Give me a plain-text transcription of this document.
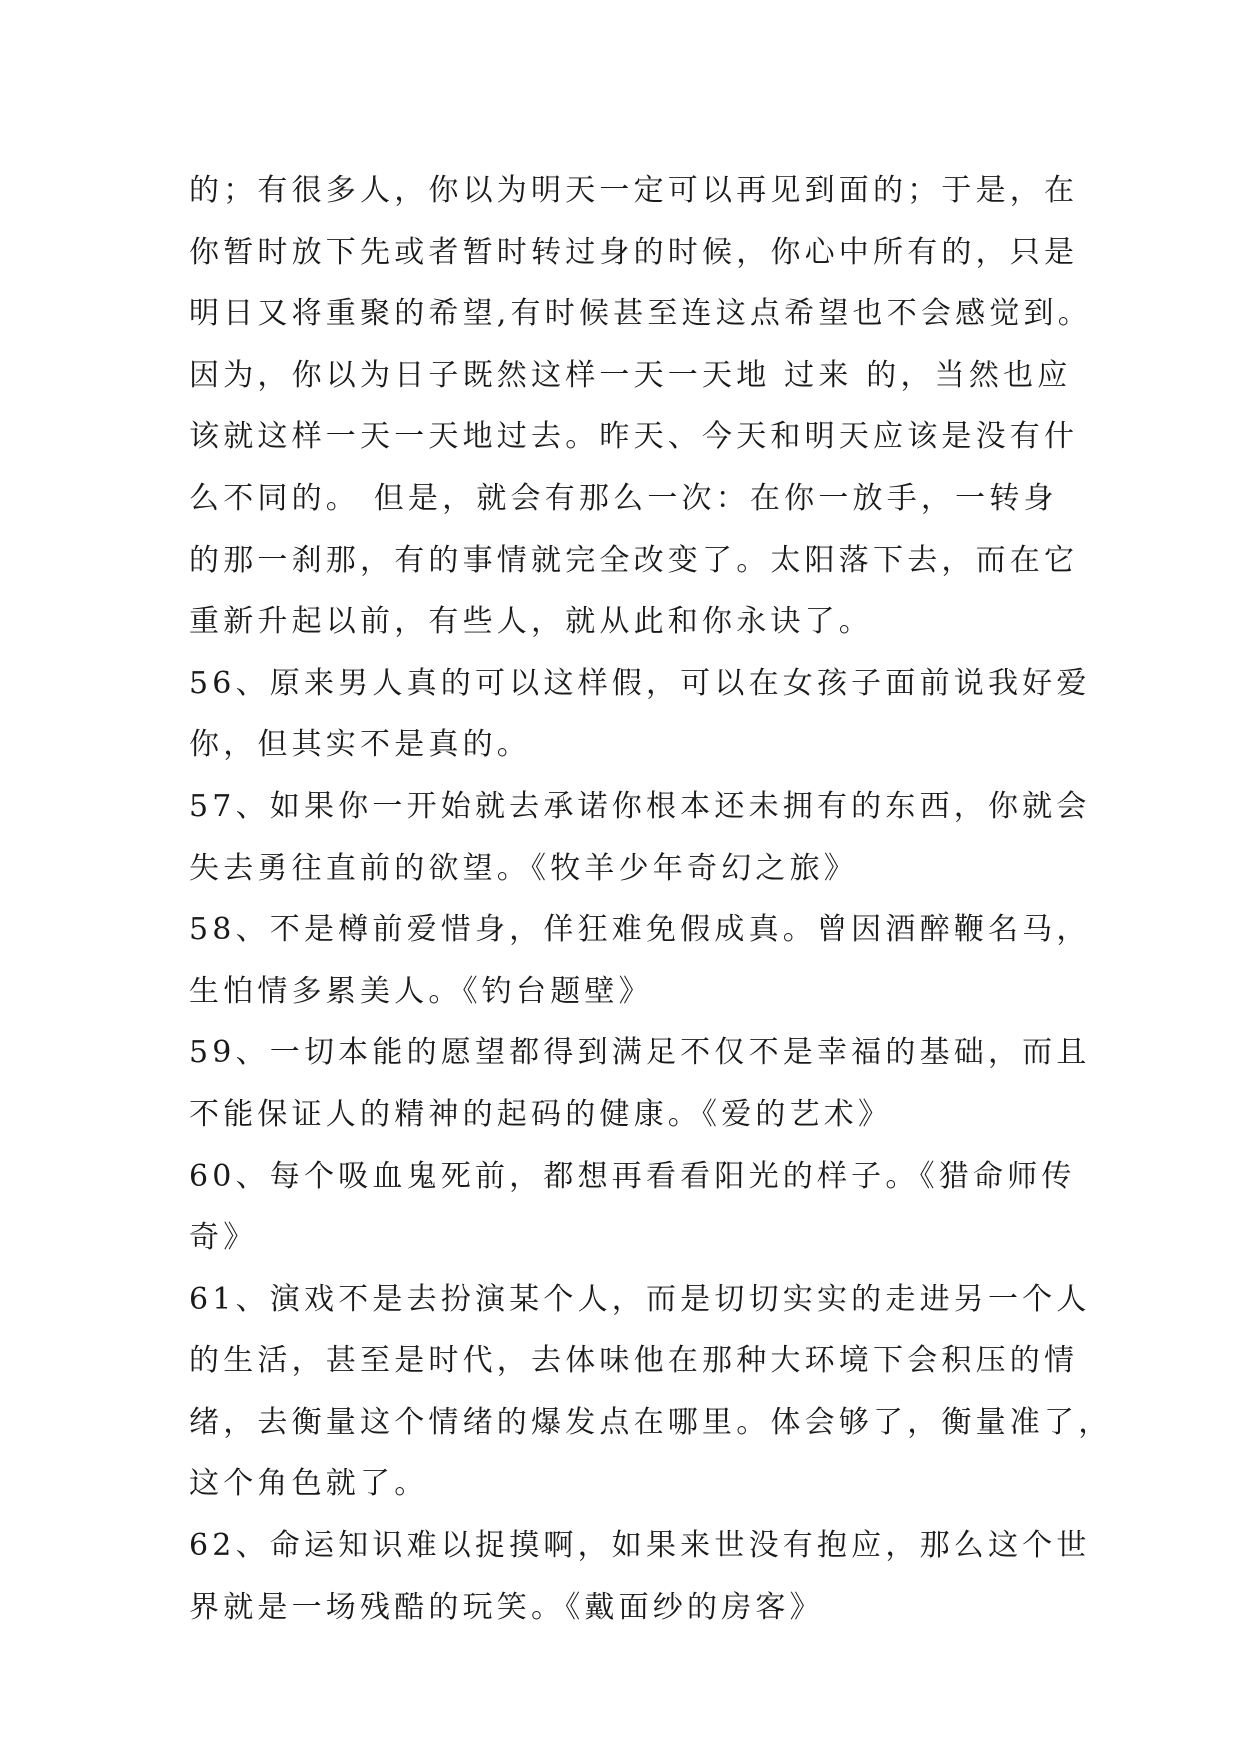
的；有很多人，你以为明天一定可以再见到面的；于是，在
你暂时放下先或者暂时转过身的时候，你心中所有的，只是
明日又将重聚的希望,有时候甚至连这点希望也不会感觉到。
因为，你以为日子既然这样一天一天地 过来 的，当然也应
该就这样一天一天地过去。昨天、今天和明天应该是没有什
么不同的。 但是，就会有那么一次：在你一放手，一转身
的那一刹那，有的事情就完全改变了。太阳落下去，而在它
重新升起以前，有些人，就从此和你永诀了。
56、原来男人真的可以这样假，可以在女孩子面前说我好爱
你，但其实不是真的。
57、如果你一开始就去承诺你根本还未拥有的东西，你就会
失去勇往直前的欲望。《牧羊少年奇幻之旅》
58、不是樽前爱惜身，佯狂难免假成真。曾因酒醉鞭名马，
生怕情多累美人。《钓台题壁》
59、一切本能的愿望都得到满足不仅不是幸福的基础，而且
不能保证人的精神的起码的健康。《爱的艺术》
60、每个吸血鬼死前，都想再看看阳光的样子。《猎命师传
奇》
61、演戏不是去扮演某个人，而是切切实实的走进另一个人
的生活，甚至是时代，去体味他在那种大环境下会积压的情
绪，去衡量这个情绪的爆发点在哪里。体会够了，衡量准了，
这个角色就了。
62、命运知识难以捉摸啊，如果来世没有抱应，那么这个世
界就是一场残酷的玩笑。《戴面纱的房客》
